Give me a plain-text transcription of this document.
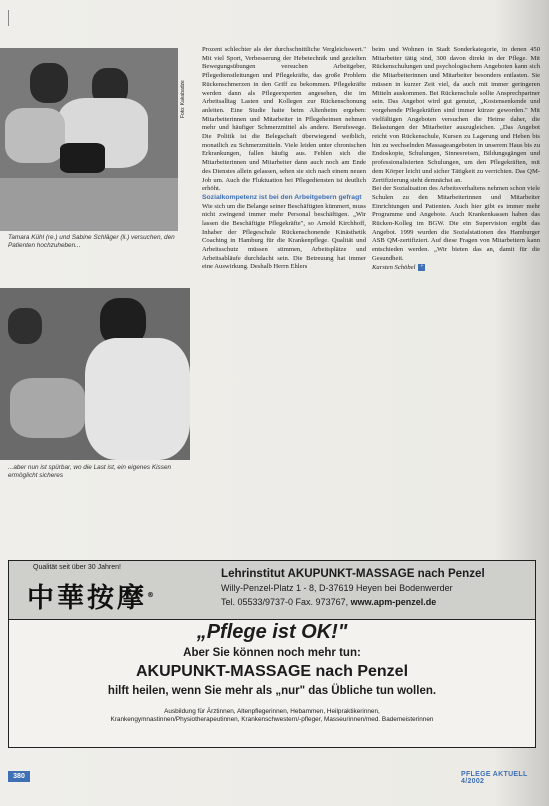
Foto: Kakabadze
Tamara Kühl (re.) und Sabine Schläger (li.) versuchen, den Patienten hochzuheben...
...aber nun ist spürbar, wo die Last ist, ein eigenes Kissen ermöglicht sicheres

Prozent schlechter als der durchschnittliche Vergleichswert." Mit viel Sport, Verbesserung der Hebetechnik und gezielten Bewegungsübungen versuchen Arbeitgeber, Pflegedienstleitungen und Pflegekräfte, das große Problem Rückenschmerzen in den Griff zu bekommen. Pflegekräfte werden dann als Pflegeexperten angesehen, die im Arbeitsalltag Lasten und Kollegen zur Rückenschonung anleiten. Eine Studie hatte beim Altenheim ergeben: Mitarbeiterinnen und Mitarbeiter in Pflegeheimen nehmen mehr und häufiger Schmerzmittel als andere. Berufswege. Die Politik ist die Belegschaft überwiegend weiblich, monatlich zu Schmerzmitteln. Viele leiden unter chronischen Erkrankungen, fallen häufig aus. Fehlen sich die Mitarbeiterinnen und Mitarbeiter dann auch noch am Ende des Dienstes allein gelassen, sehen sie sich nach einem neuen Job um. Auch die Fluktuation bei Pflegediensten ist deutlich erhöht.

Sozialkompetenz ist bei den Arbeitgebern gefragt

Wie sich um die Belange seiner Beschäftigten kümmert, muss nicht zwingend immer mehr Personal beschäftigen. „Wir lassen die Beschäftigte Pflegekräfte", so Arnold Kirchhoff, Inhaber der Pflegeschule Rückenschonende Kinästhetik Coaching in Hamburg für die Krankenpflege. Qualität und Arbeitsschutz müssen stimmen, Arbeitsplätze und Arbeitsabläufe durchdacht sein. Die Betreuung hat immer eine Auswirkung. Deshalb Herrn Ehlers

beim und Wohnen in Stadt Sonderkategorie, in denen 450 Mitarbeiter tätig sind, 300 davon direkt in der Pflege. Mit Rückenschulungen und psychologischem Angeboten kann sich die Mitarbeiterinnen und Mitarbeiter besonders entlasten. Sie müssen in kurzer Zeit viel, da auch mit immer geringeren Mitteln auskommen. Bei Rückenschule sollte Ansprechpartner sein. Das Angebot wird gut genutzt, „Kostensenkende und vorgehende Pflegekräften sind immer kürzer geworden." Mit vielfältigen Angeboten versuchen die Heime daher, die Belastungen der Mitarbeiter auszugleichen. „Das Angebot reicht von Rückenschule, Kursen zu Lagerung und Heben bis hin zu wechselnden Massageangeboten in unserem Haus bis zu Endoskopie, Schulungen, Sinnesreisen, Bildungsgängen und professionalisierten Schulungen, um den Pflegekräften, mit dem Körper leicht und sicher Tätigkeit zu verrichten. Das QM-Zertifizierung steht demnächst an.

Bei der Sozialisation des Arbeitsverhaltens nehmen schon viele Schulen zu den Mitarbeiterinnen und Mitarbeiter Einrichtungen und Patienten. Auch hier gibt es immer mehr Programme und Angebote. Auch Krankenkassen haben das Rücken-Kolleg im BGW. Die ein Supervision ergibt das Angebot. 1999 wurden die Sozialstationen des Hamburger ASB QM-zertifiziert. Auf diese Fragen von Mitarbeitern kann entschieden werden. „Wir bieten das an, damit für die Gesundheit.

Karsten Schöbel +

Qualität seit über 30 Jahren!
中華按摩®
Lehrinstitut AKUPUNKT-MASSAGE nach Penzel
Willy-Penzel-Platz 1 - 8, D-37619 Heyen bei Bodenwerder
Tel. 05533/9737-0 Fax. 973767, www.apm-penzel.de
„Pflege ist OK!"
Aber Sie können noch mehr tun:
AKUPUNKT-MASSAGE nach Penzel
hilft heilen, wenn Sie mehr als „nur" das Übliche tun wollen.
Ausbildung für Ärztinnen, Altenpflegerinnen, Hebammen, Heilpraktikerinnen,
Krankengymnastinnen/Physiotherapeutinnen, Krankenschwestern/-pfleger, Masseurinnen/med. Bademeisterinnen
380	PFLEGE AKTUELL 4/2002
